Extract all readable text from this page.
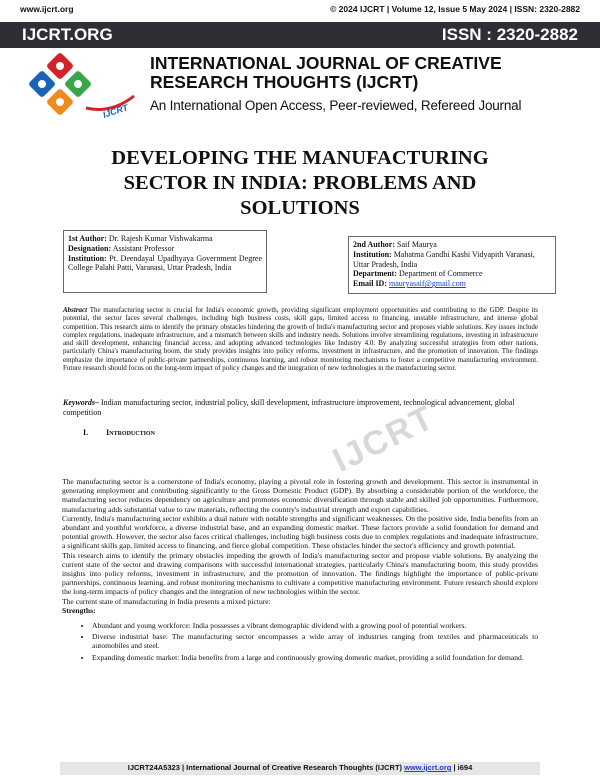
www.ijcrt.org	© 2024 IJCRT | Volume 12, Issue 5 May 2024 | ISSN: 2320-2882
IJCRT.ORG	ISSN : 2320-2882
IJCRT
INTERNATIONAL JOURNAL OF CREATIVE
RESEARCH THOUGHTS (IJCRT)
An International Open Access, Peer-reviewed, Refereed Journal
DEVELOPING THE MANUFACTURING
SECTOR IN INDIA: PROBLEMS AND
SOLUTIONS
1st Author: Dr. Rajesh Kumar Vishwakarma
Designation: Assistant Professor
Institution: Pt. Deendayal Upadhyaya Government Degree College Palahi Patti, Varanasi, Uttar Pradesh, India
2nd Author: Saif Maurya
Institution: Mahatma Gandhi Kashi Vidyapith Varanasi, Uttar Pradesh, India
Department: Department of Commerce
Email ID: mauryasaif@gmail.com
Abstract The manufacturing sector is crucial for India's economic growth, providing significant employment opportunities and contributing to the GDP. Despite its potential, the sector faces several challenges, including high business costs, skill gaps, limited access to financing, unstable infrastructure, and intense global competition. This research aims to identify the primary obstacles hindering the growth of India's manufacturing sector and proposes viable solutions. Key issues include complex regulations, inadequate infrastructure, and a mismatch between skills and industry needs. Solutions involve streamlining regulations, investing in infrastructure and skill development, enhancing financial access, and adopting advanced technologies like Industry 4.0. By analyzing successful strategies from other nations, particularly China's manufacturing boom, the study provides insights into policy reforms, investment in infrastructure, and the promotion of innovation. The findings emphasize the importance of public-private partnerships, continuous learning, and robust monitoring mechanisms to foster a competitive manufacturing environment. Future research should focus on the long-term impact of policy changes and the integration of new technologies in the manufacturing sector.
Keywords– Indian manufacturing sector, industrial policy, skill development, infrastructure improvement, technological advancement, global competition	IJCRT
I. Introduction

The manufacturing sector is a cornerstone of India's economy, playing a pivotal role in fostering growth and development. This sector is instrumental in generating employment and contributing significantly to the Gross Domestic Product (GDP). By absorbing a considerable portion of the workforce, the manufacturing sector reduces dependency on agriculture and promotes economic diversification through stable and skilled job opportunities. Furthermore, manufacturing adds substantial value to raw materials, reflecting the country's industrial strength and export capabilities.

Currently, India's manufacturing sector exhibits a dual nature with notable strengths and significant weaknesses. On the positive side, India benefits from an abundant and youthful workforce, a diverse industrial base, and an expanding domestic market. These factors provide a solid foundation for demand and potential growth. However, the sector also faces critical challenges, including high business costs due to complex regulations and inadequate infrastructure, a significant skills gap, limited access to financing, and fierce global competition. These obstacles hinder the sector's efficiency and growth potential.

This research aims to identify the primary obstacles impeding the growth of India's manufacturing sector and propose viable solutions. By analyzing the current state of the sector and drawing comparisons with successful international strategies, particularly China's manufacturing boom, this study provides insights into policy reforms, investment in infrastructure, and the promotion of innovation. The findings highlight the importance of public-private partnerships, continuous learning, and robust monitoring mechanisms to cultivate a competitive manufacturing environment. Future research should explore the long-term impacts of policy changes and the integration of new technologies within the sector.

The current state of manufacturing in India presents a mixed picture:

Strengths:

• Abundant and young workforce: India possesses a vibrant demographic dividend with a growing pool of potential workers.
• Diverse industrial base: The manufacturing sector encompasses a wide array of industries ranging from textiles and pharmaceuticals to automobiles and steel.
• Expanding domestic market: India benefits from a large and continuously growing domestic market, providing a solid foundation for demand.
IJCRT24A5323 | International Journal of Creative Research Thoughts (IJCRT) www.ijcrt.org | i694
